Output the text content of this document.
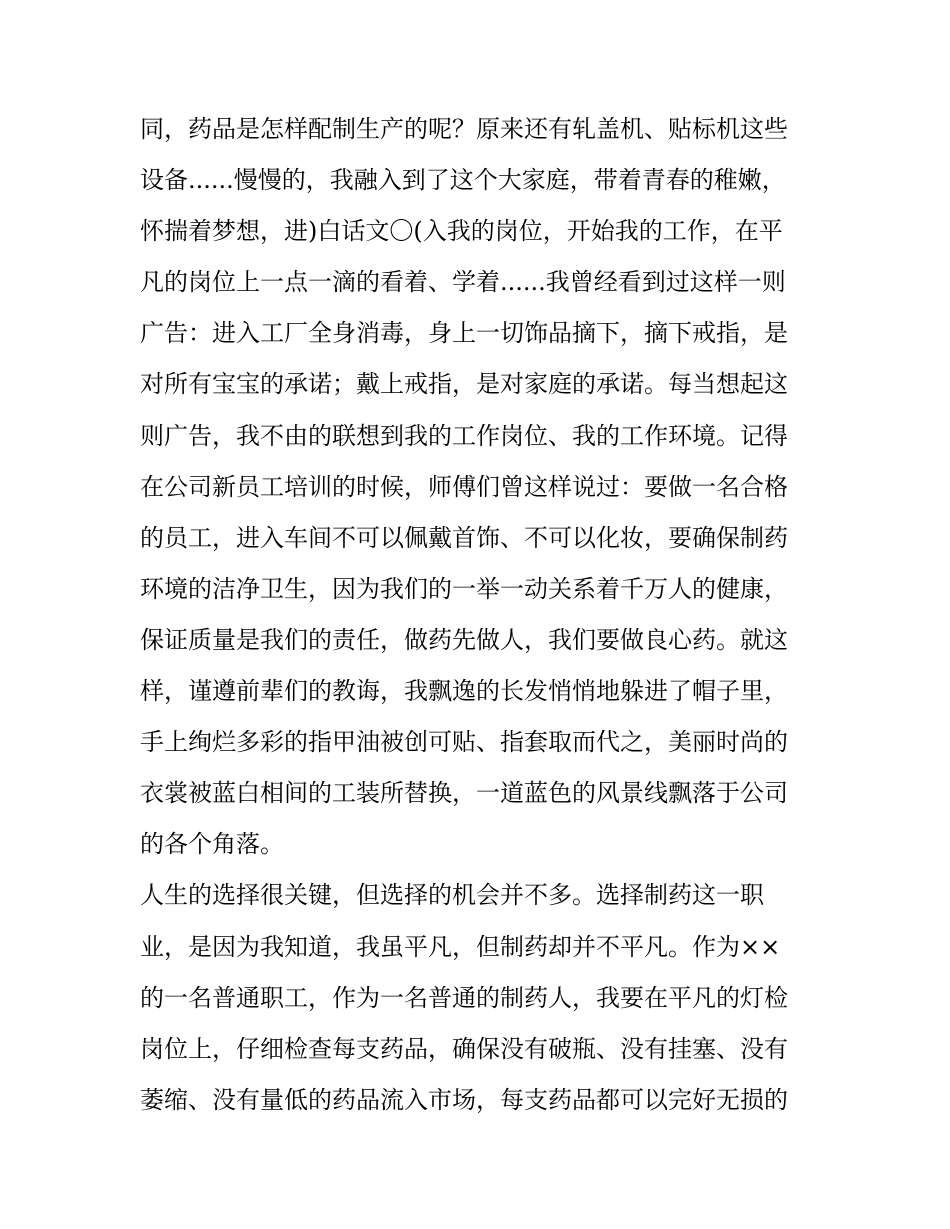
同，药品是怎样配制生产的呢？原来还有轧盖机、贴标机这些
设备......慢慢的，我融入到了这个大家庭，带着青春的稚嫩，
怀揣着梦想，进)白话文〇(入我的岗位，开始我的工作，在平
凡的岗位上一点一滴的看着、学着......我曾经看到过这样一则
广告：进入工厂全身消毒，身上一切饰品摘下，摘下戒指，是
对所有宝宝的承诺；戴上戒指，是对家庭的承诺。每当想起这
则广告，我不由的联想到我的工作岗位、我的工作环境。记得
在公司新员工培训的时候，师傅们曾这样说过：要做一名合格
的员工，进入车间不可以佩戴首饰、不可以化妆，要确保制药
环境的洁净卫生，因为我们的一举一动关系着千万人的健康，
保证质量是我们的责任，做药先做人，我们要做良心药。就这
样，谨遵前辈们的教诲，我飘逸的长发悄悄地躲进了帽子里，
手上绚烂多彩的指甲油被创可贴、指套取而代之，美丽时尚的
衣裳被蓝白相间的工装所替换，一道蓝色的风景线飘落于公司
的各个角落。
人生的选择很关键，但选择的机会并不多。选择制药这一职
业，是因为我知道，我虽平凡，但制药却并不平凡。作为××
的一名普通职工，作为一名普通的制药人，我要在平凡的灯检
岗位上，仔细检查每支药品，确保没有破瓶、没有挂塞、没有
萎缩、没有量低的药品流入市场，每支药品都可以完好无损的
